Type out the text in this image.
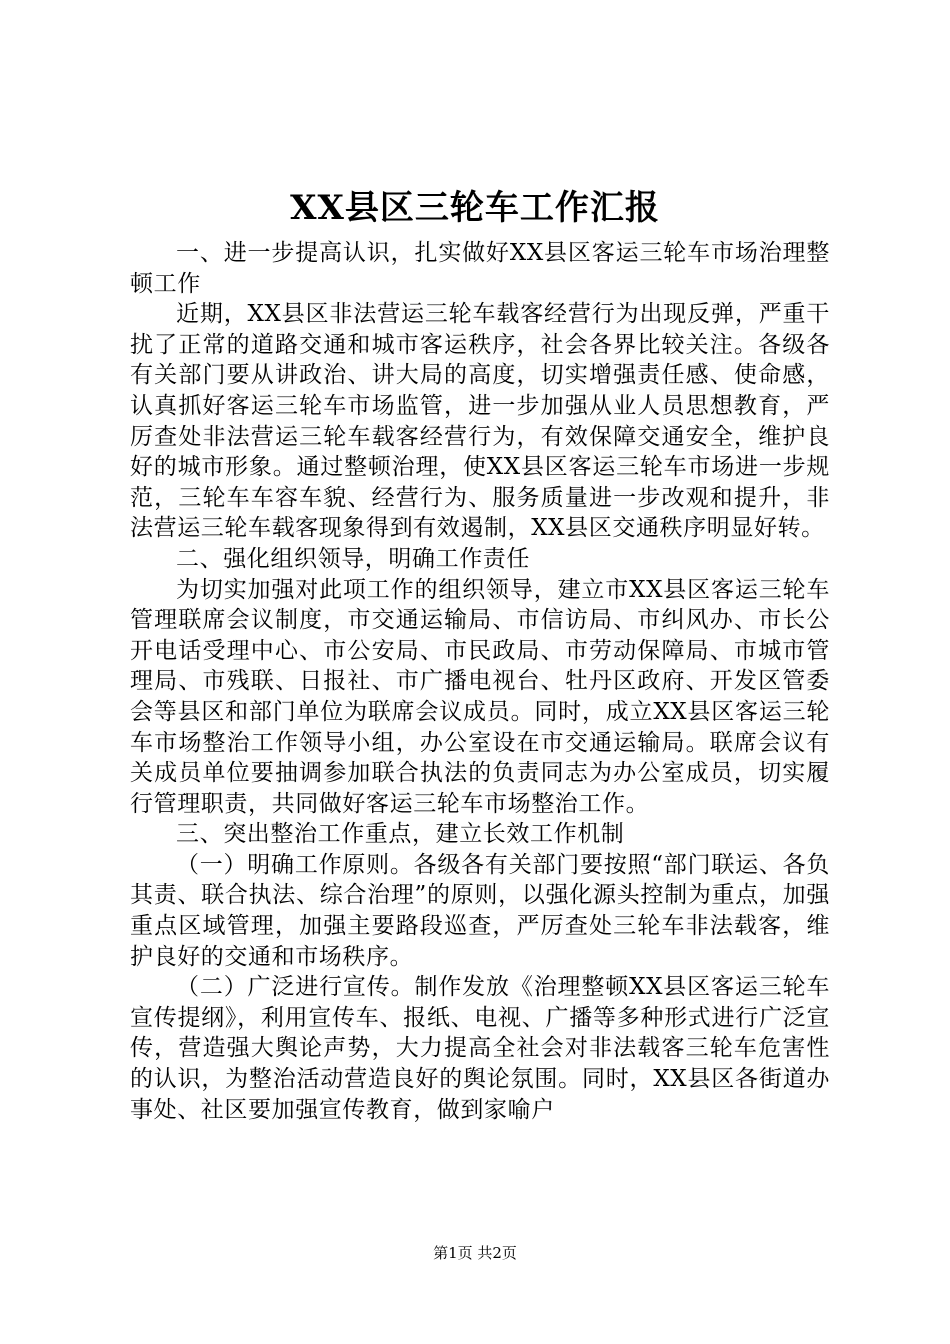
XX县区三轮车工作汇报

一、进一步提高认识，扎实做好XX县区客运三轮车市场治理整顿工作

近期，XX县区非法营运三轮车载客经营行为出现反弹，严重干扰了正常的道路交通和城市客运秩序，社会各界比较关注。各级各有关部门要从讲政治、讲大局的高度，切实增强责任感、使命感，认真抓好客运三轮车市场监管，进一步加强从业人员思想教育，严厉查处非法营运三轮车载客经营行为，有效保障交通安全，维护良好的城市形象。通过整顿治理，使XX县区客运三轮车市场进一步规范，三轮车车容车貌、经营行为、服务质量进一步改观和提升，非法营运三轮车载客现象得到有效遏制，XX县区交通秩序明显好转。

二、强化组织领导，明确工作责任

为切实加强对此项工作的组织领导，建立市XX县区客运三轮车管理联席会议制度，市交通运输局、市信访局、市纠风办、市长公开电话受理中心、市公安局、市民政局、市劳动保障局、市城市管理局、市残联、日报社、市广播电视台、牡丹区政府、开发区管委会等县区和部门单位为联席会议成员。同时，成立XX县区客运三轮车市场整治工作领导小组，办公室设在市交通运输局。联席会议有关成员单位要抽调参加联合执法的负责同志为办公室成员，切实履行管理职责，共同做好客运三轮车市场整治工作。

三、突出整治工作重点，建立长效工作机制

（一）明确工作原则。各级各有关部门要按照“部门联运、各负其责、联合执法、综合治理”的原则，以强化源头控制为重点，加强重点区域管理，加强主要路段巡查，严厉查处三轮车非法载客，维护良好的交通和市场秩序。

（二）广泛进行宣传。制作发放《治理整顿XX县区客运三轮车宣传提纲》，利用宣传车、报纸、电视、广播等多种形式进行广泛宣传，营造强大舆论声势，大力提高全社会对非法载客三轮车危害性的认识，为整治活动营造良好的舆论氛围。同时，XX县区各街道办事处、社区要加强宣传教育，做到家喻户

第1页 共2页
